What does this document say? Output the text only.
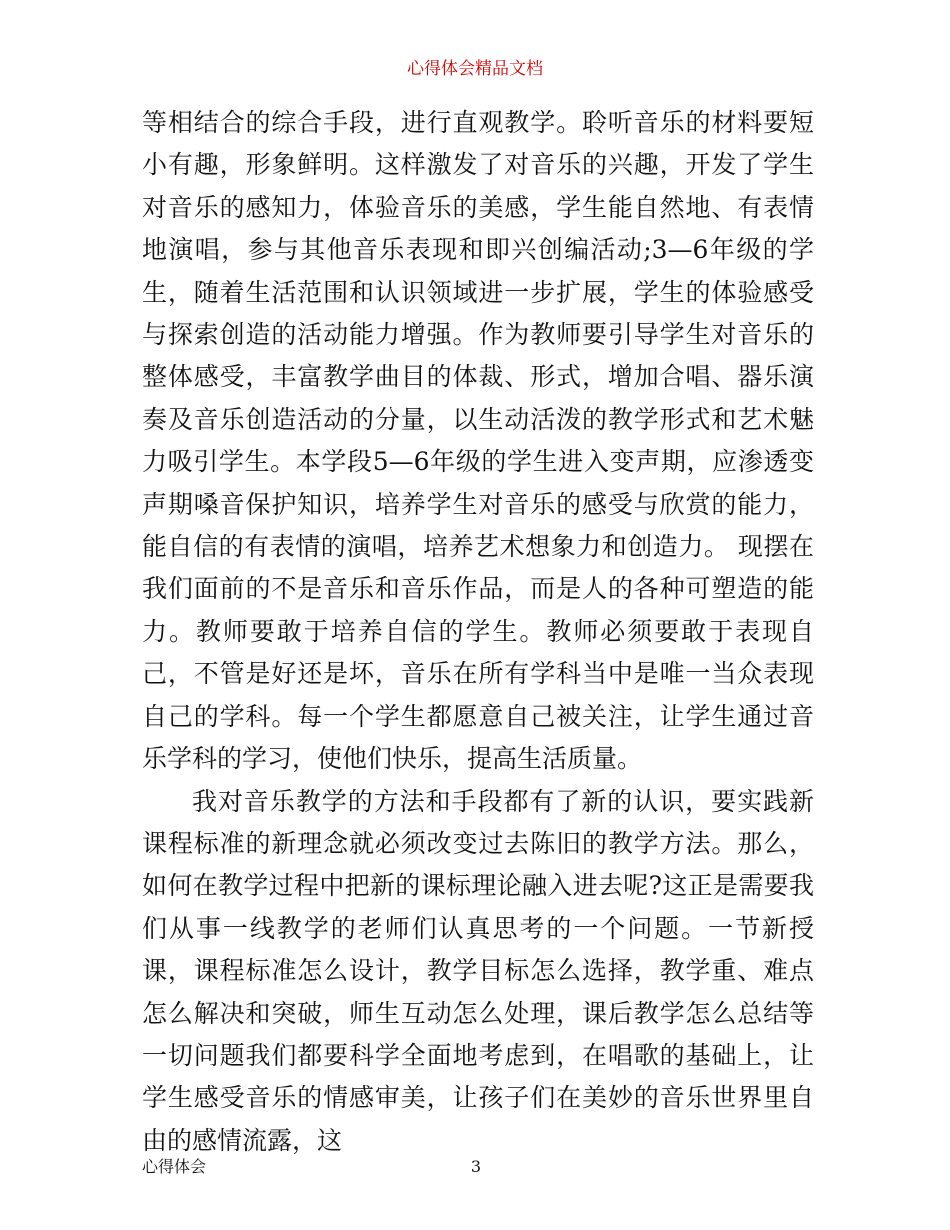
心得体会精品文档

等相结合的综合手段，进行直观教学。聆听音乐的材料要短小有趣，形象鲜明。这样激发了对音乐的兴趣，开发了学生对音乐的感知力，体验音乐的美感，学生能自然地、有表情地演唱，参与其他音乐表现和即兴创编活动;3—6年级的学生，随着生活范围和认识领域进一步扩展，学生的体验感受与探索创造的活动能力增强。作为教师要引导学生对音乐的整体感受，丰富教学曲目的体裁、形式，增加合唱、器乐演奏及音乐创造活动的分量，以生动活泼的教学形式和艺术魅力吸引学生。本学段5—6年级的学生进入变声期，应渗透变声期嗓音保护知识，培养学生对音乐的感受与欣赏的能力，能自信的有表情的演唱，培养艺术想象力和创造力。 现摆在我们面前的不是音乐和音乐作品，而是人的各种可塑造的能力。教师要敢于培养自信的学生。教师必须要敢于表现自己，不管是好还是坏，音乐在所有学科当中是唯一当众表现自己的学科。每一个学生都愿意自己被关注，让学生通过音乐学科的学习，使他们快乐，提高生活质量。

我对音乐教学的方法和手段都有了新的认识，要实践新课程标准的新理念就必须改变过去陈旧的教学方法。那么，如何在教学过程中把新的课标理论融入进去呢?这正是需要我们从事一线教学的老师们认真思考的一个问题。一节新授课，课程标准怎么设计，教学目标怎么选择，教学重、难点怎么解决和突破，师生互动怎么处理，课后教学怎么总结等一切问题我们都要科学全面地考虑到，在唱歌的基础上，让学生感受音乐的情感审美，让孩子们在美妙的音乐世界里自由的感情流露，这

心得体会	3
